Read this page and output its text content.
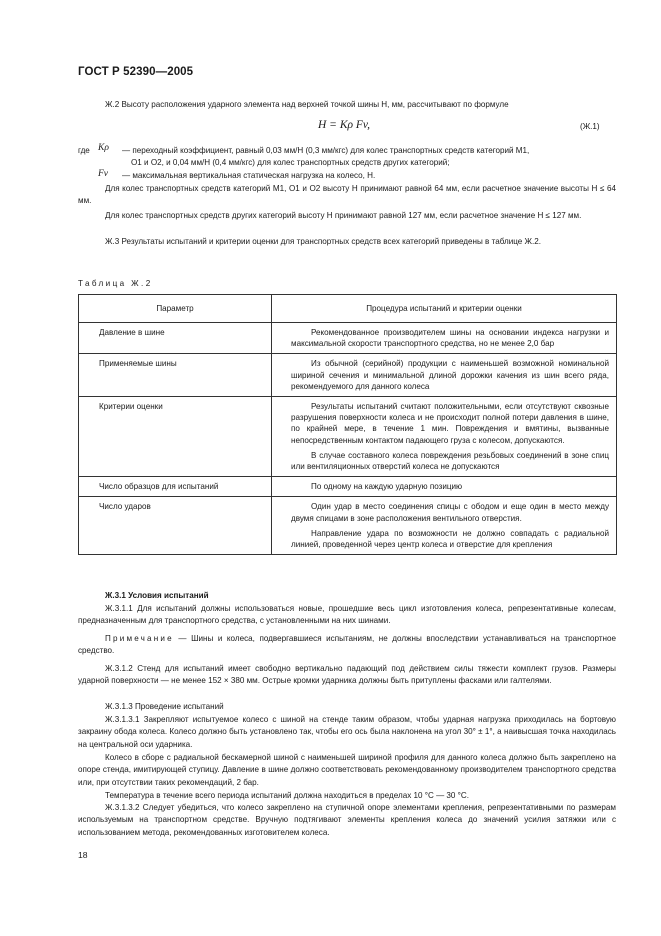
ГОСТ Р 52390—2005
Ж.2 Высоту расположения ударного элемента над верхней точкой шины H, мм, рассчитывают по формуле
H = Kρ Fv,	(Ж.1)
где Kρ — переходный коэффициент, равный 0,03 мм/Н (0,3 мм/кгс) для колес транспортных средств категорий M1,
O1 и O2, и 0,04 мм/Н (0,4 мм/кгс) для колес транспортных средств других категорий;
Fv — максимальная вертикальная статическая нагрузка на колесо, Н.
Для колес транспортных средств категорий M1, O1 и O2 высоту H принимают равной 64 мм, если расчетное значение высоты H ≤ 64 мм.
Для колес транспортных средств других категорий высоту H принимают равной 127 мм, если расчетное значение H ≤ 127 мм.
Ж.3 Результаты испытаний и критерии оценки для транспортных средств всех категорий приведены в таблице Ж.2.
Таблица Ж.2
Параметр	Процедура испытаний и критерии оценки

Давление в шине	Рекомендованное производителем шины на основании индекса нагрузки и максимальной скорости транспортного средства, но не менее 2,0 бар

Применяемые шины	Из обычной (серийной) продукции с наименьшей возможной номинальной шириной сечения и минимальной длиной дорожки качения из шин всего ряда, рекомендуемого для данного колеса

Критерии оценки	Результаты испытаний считают положительными, если отсутствуют сквозные разрушения поверхности колеса и не происходит полной потери давления в шине, по крайней мере, в течение 1 мин. Повреждения и вмятины, вызванные непосредственным контактом падающего груза с колесом, допускаются.
В случае составного колеса повреждения резьбовых соединений в зоне спиц или вентиляционных отверстий колеса не допускаются

Число образцов для испытаний	По одному на каждую ударную позицию

Число ударов	Один удар в место соединения спицы с ободом и еще один в место между двумя спицами в зоне расположения вентильного отверстия.
Направление удара по возможности не должно совпадать с радиальной линией, проведенной через центр колеса и отверстие для крепления
Ж.3.1 Условия испытаний
Ж.3.1.1 Для испытаний должны использоваться новые, прошедшие весь цикл изготовления колеса, репрезентативные колесам, предназначенным для транспортного средства, с установленными на них шинами.
Примечание — Шины и колеса, подвергавшиеся испытаниям, не должны впоследствии устанавливаться на транспортное средство.
Ж.3.1.2 Стенд для испытаний имеет свободно вертикально падающий под действием силы тяжести комплект грузов. Размеры ударной поверхности — не менее 152 × 380 мм. Острые кромки ударника должны быть притуплены фасками или галтелями.
Ж.3.1.3 Проведение испытаний
Ж.3.1.3.1 Закрепляют испытуемое колесо с шиной на стенде таким образом, чтобы ударная нагрузка приходилась на бортовую закраину обода колеса. Колесо должно быть установлено так, чтобы его ось была наклонена на угол 30° ± 1°, а наивысшая точка находилась на центральной оси ударника.
Колесо в сборе с радиальной бескамерной шиной с наименьшей шириной профиля для данного колеса должно быть закреплено на опоре стенда, имитирующей ступицу. Давление в шине должно соответствовать рекомендованному производителем транспортного средства или, при отсутствии таких рекомендаций, 2 бар.
Температура в течение всего периода испытаний должна находиться в пределах 10 °С — 30 °С.
Ж.3.1.3.2 Следует убедиться, что колесо закреплено на ступичной опоре элементами крепления, репрезентативными по размерам используемым на транспортном средстве. Вручную подтягивают элементы крепления колеса до значений усилия затяжки или с использованием метода, рекомендованных изготовителем колеса.
18
